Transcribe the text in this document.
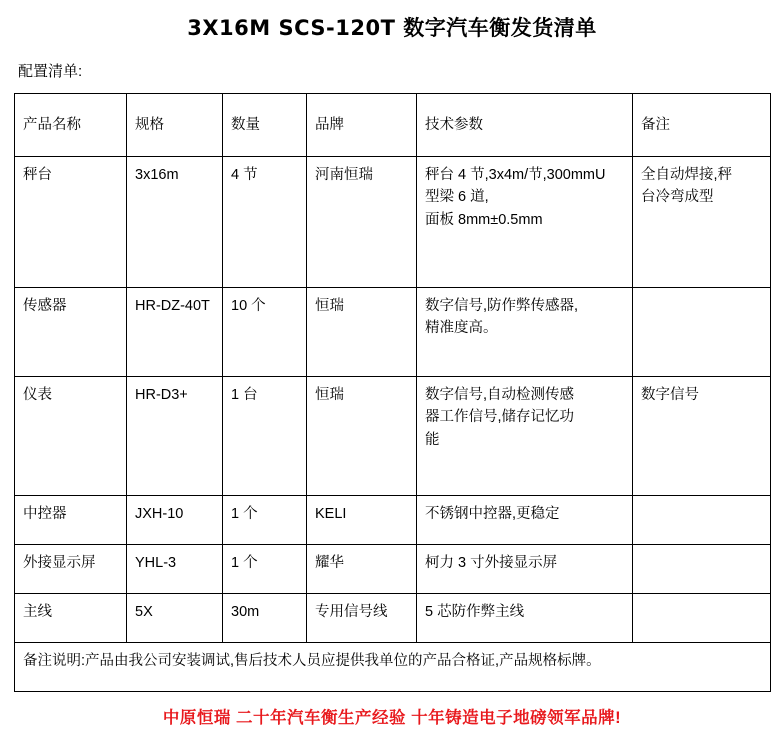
3X16M SCS-120T 数字汽车衡发货清单
配置清单:
产品名称	规格	数量	品牌	技术参数	备注
秤台	3x16m	4 节	河南恒瑞	秤台 4 节,3x4m/节,300mmU
型梁 6 道,
面板 8mm±0.5mm	全自动焊接,秤
台冷弯成型

传感器	HR-DZ-40T	10 个	恒瑞	数字信号,防作弊传感器,
精准度高。	

仪表	HR-D3+	1 台	恒瑞	数字信号,自动检测传感
器工作信号,储存记忆功
能	数字信号
中控器	JXH-10	1 个	KELI	不锈钢中控器,更稳定	
外接显示屏	YHL-3	1 个	耀华	柯力 3 寸外接显示屏	
主线	5X	30m	专用信号线	5 芯防作弊主线	
备注说明:产品由我公司安装调试,售后技术人员应提供我单位的产品合格证,产品规格标牌。					
中原恒瑞 二十年汽车衡生产经验 十年铸造电子地磅领军品牌!
